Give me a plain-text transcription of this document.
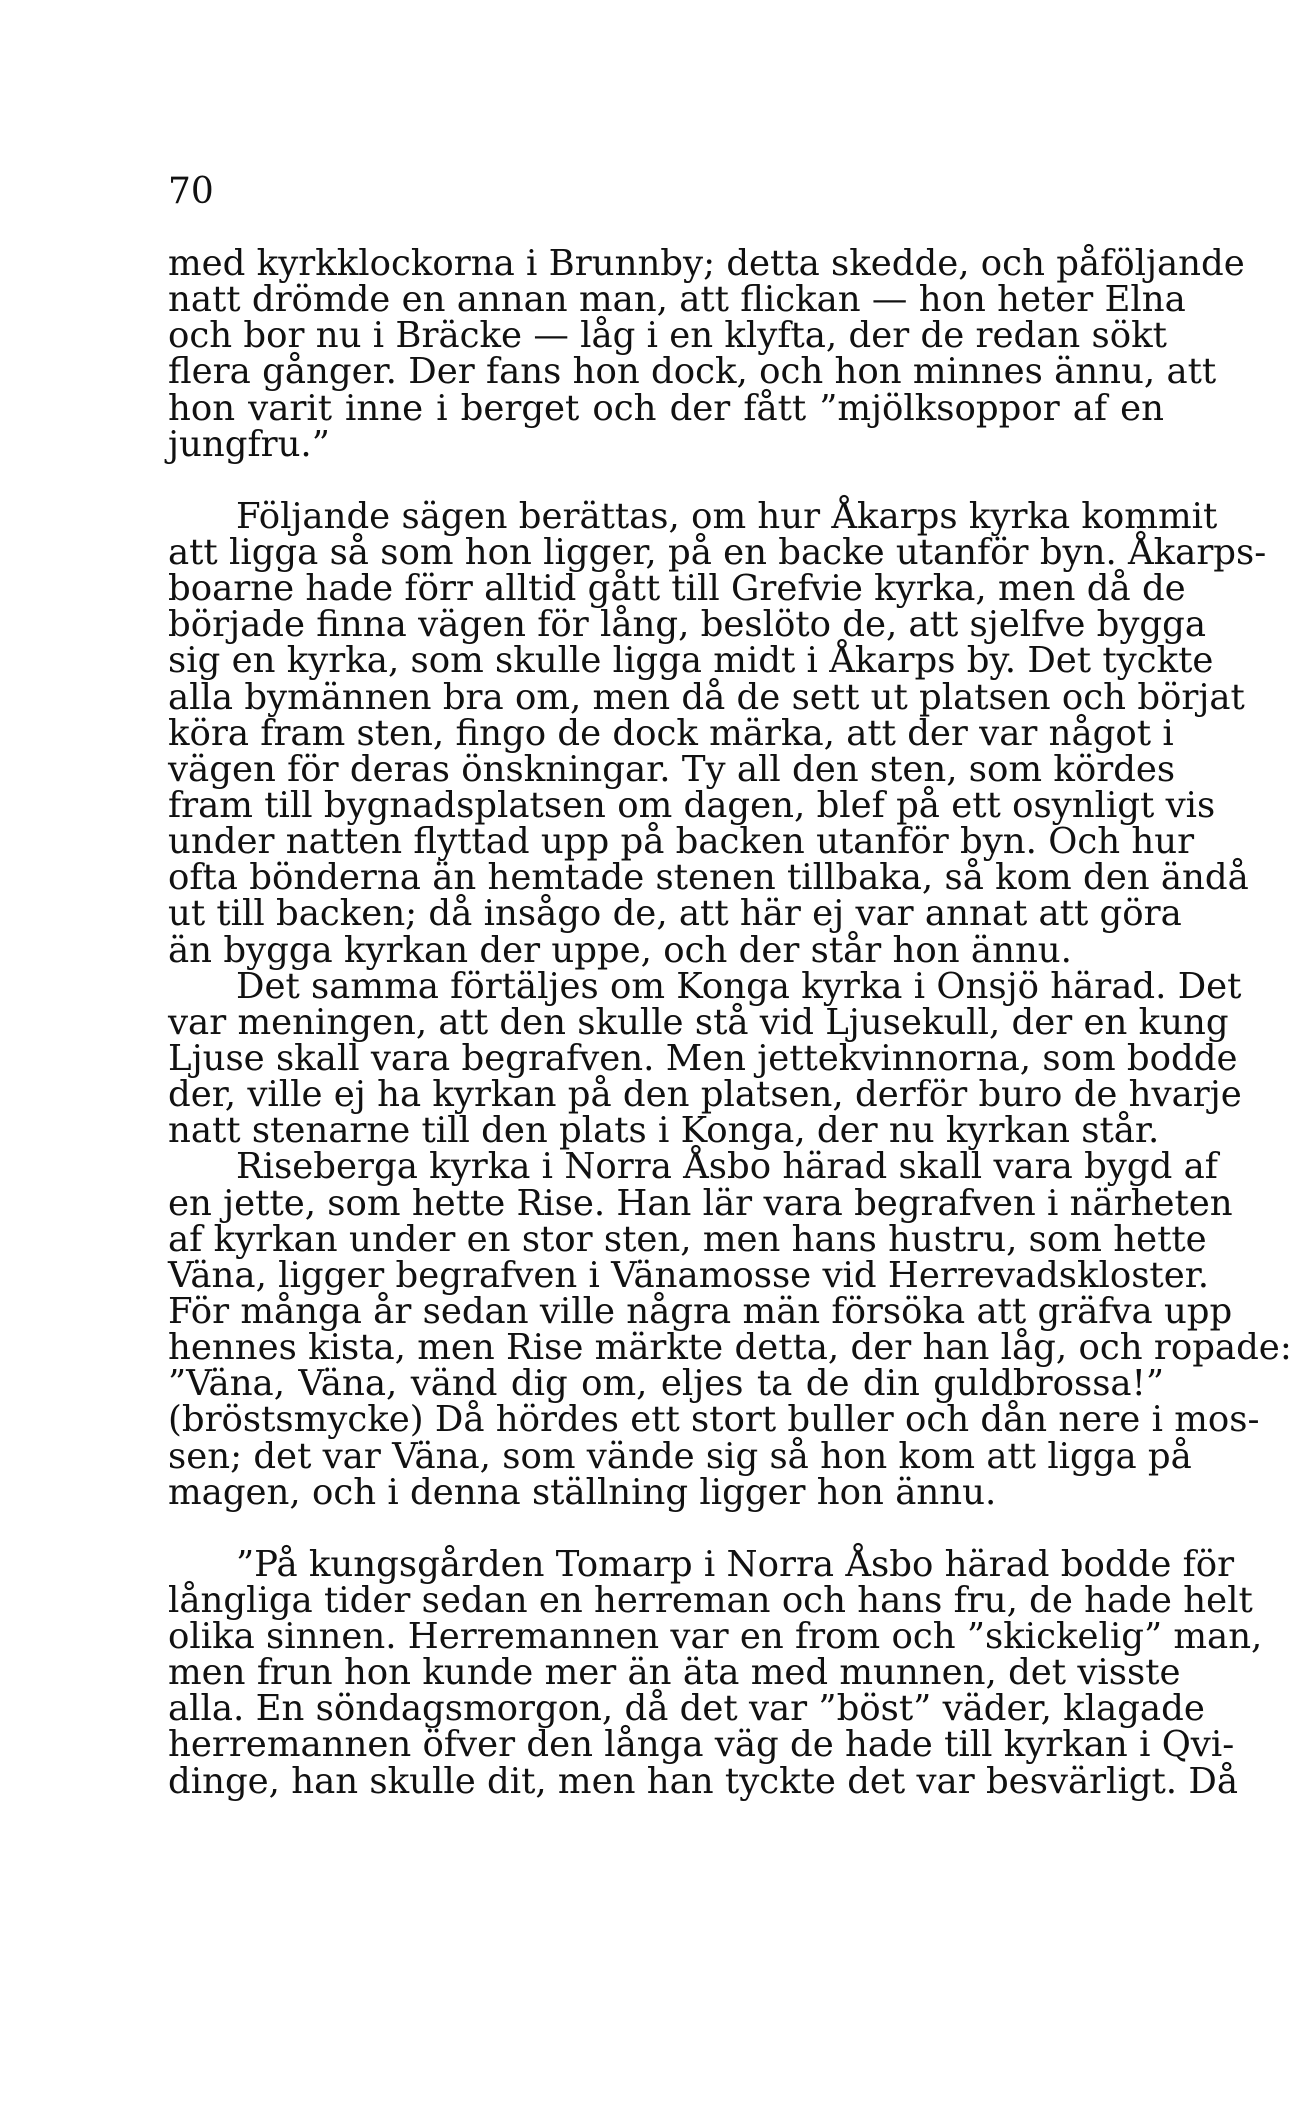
70
med kyrkklockorna i Brunnby; detta skedde, och påföljande
natt drömde en annan man, att flickan — hon heter Elna
och bor nu i Bräcke — låg i en klyfta, der de redan sökt
flera gånger. Der fans hon dock, och hon minnes ännu, att
hon varit inne i berget och der fått ”mjölksoppor af en
jungfru.”
Följande sägen berättas, om hur Åkarps kyrka kommit
att ligga så som hon ligger, på en backe utanför byn. Åkarps-
boarne hade förr alltid gått till Grefvie kyrka, men då de
började finna vägen för lång, beslöto de, att sjelfve bygga
sig en kyrka, som skulle ligga midt i Åkarps by. Det tyckte
alla bymännen bra om, men då de sett ut platsen och börjat
köra fram sten, fingo de dock märka, att der var något i
vägen för deras önskningar. Ty all den sten, som kördes
fram till bygnadsplatsen om dagen, blef på ett osynligt vis
under natten flyttad upp på backen utanför byn. Och hur
ofta bönderna än hemtade stenen tillbaka, så kom den ändå
ut till backen; då insågo de, att här ej var annat att göra
än bygga kyrkan der uppe, och der står hon ännu.
Det samma förtäljes om Konga kyrka i Onsjö härad. Det
var meningen, att den skulle stå vid Ljusekull, der en kung
Ljuse skall vara begrafven. Men jettekvinnorna, som bodde
der, ville ej ha kyrkan på den platsen, derför buro de hvarje
natt stenarne till den plats i Konga, der nu kyrkan står.
Riseberga kyrka i Norra Åsbo härad skall vara bygd af
en jette, som hette Rise. Han lär vara begrafven i närheten
af kyrkan under en stor sten, men hans hustru, som hette
Väna, ligger begrafven i Vänamosse vid Herrevadskloster.
För många år sedan ville några män försöka att gräfva upp
hennes kista, men Rise märkte detta, der han låg, och ropade:
”Väna, Väna, vänd dig om, eljes ta de din guldbrossa!”
(bröstsmycke) Då hördes ett stort buller och dån nere i mos-
sen; det var Väna, som vände sig så hon kom att ligga på
magen, och i denna ställning ligger hon ännu.
”På kungsgården Tomarp i Norra Åsbo härad bodde för
långliga tider sedan en herreman och hans fru, de hade helt
olika sinnen. Herremannen var en from och ”skickelig” man,
men frun hon kunde mer än äta med munnen, det visste
alla. En söndagsmorgon, då det var ”böst” väder, klagade
herremannen öfver den långa väg de hade till kyrkan i Qvi-
dinge, han skulle dit, men han tyckte det var besvärligt. Då
